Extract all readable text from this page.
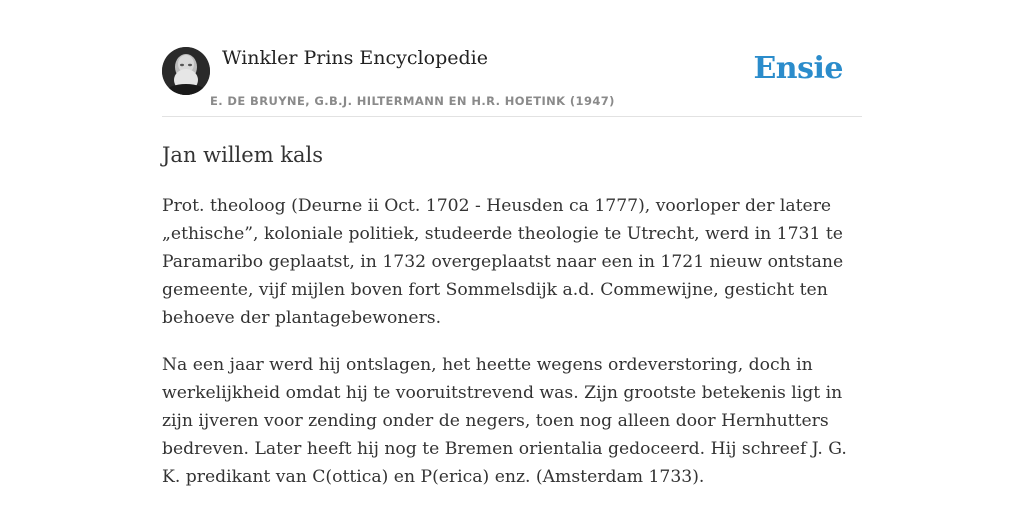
Winkler Prins Encyclopedie
E. DE BRUYNE, G.B.J. HILTERMANN EN H.R. HOETINK (1947)
Ensie
Jan willem kals

Prot. theoloog (Deurne ii Oct. 1702 - Heusden ca 1777), voorloper der latere „ethische”, koloniale politiek, studeerde theologie te Utrecht, werd in 1731 te Paramaribo geplaatst, in 1732 overgeplaatst naar een in 1721 nieuw ontstane gemeente, vijf mijlen boven fort Sommelsdijk a.d. Commewijne, gesticht ten behoeve der plantagebewoners.

Na een jaar werd hij ontslagen, het heette wegens ordeverstoring, doch in werkelijkheid omdat hij te vooruitstrevend was. Zijn grootste betekenis ligt in zijn ijveren voor zending onder de negers, toen nog alleen door Hernhutters bedreven. Later heeft hij nog te Bremen orientalia gedoceerd. Hij schreef J. G. K. predikant van C(ottica) en P(erica) enz. (Amsterdam 1733).
